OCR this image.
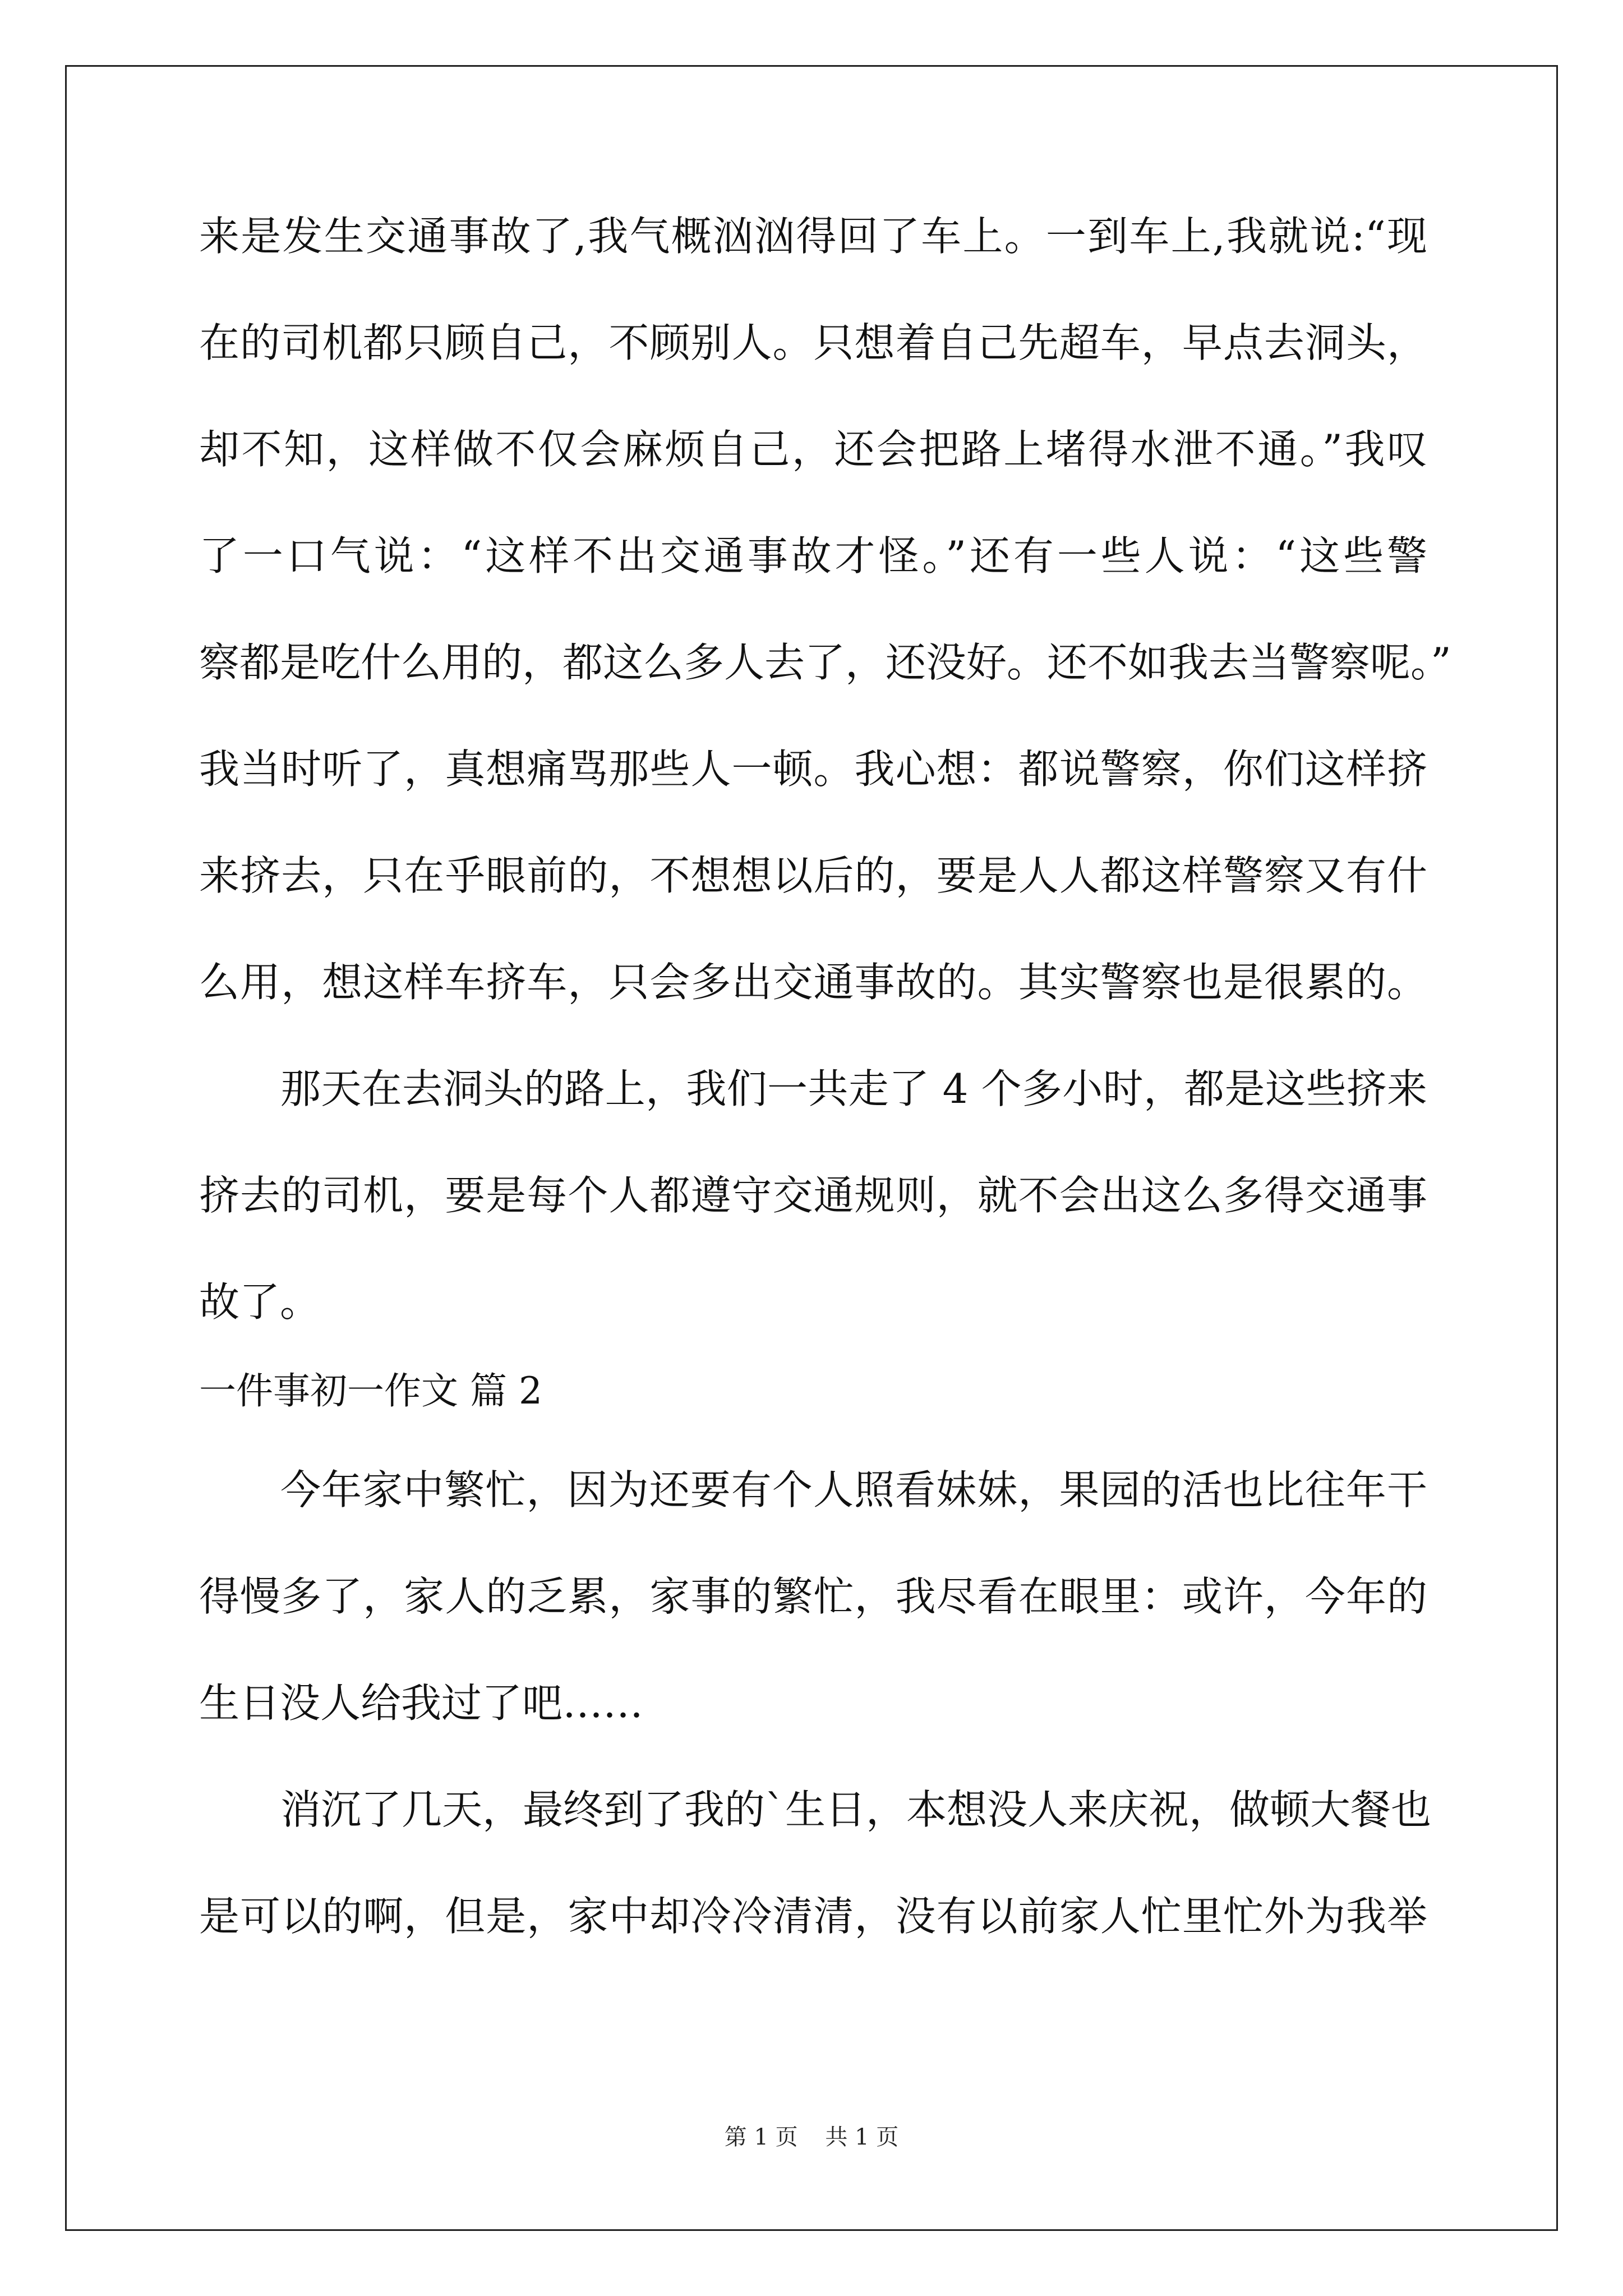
来是发生交通事故了,我气概汹汹得回了车上。一到车上,我就说:“现
在的司机都只顾自己，不顾别人。只想着自己先超车，早点去洞头，
却不知，这样做不仅会麻烦自己，还会把路上堵得水泄不通。”我叹
了一口气说：“这样不出交通事故才怪。”还有一些人说：“这些警
察都是吃什么用的，都这么多人去了，还没好。还不如我去当警察呢。”
我当时听了，真想痛骂那些人一顿。我心想：都说警察，你们这样挤
来挤去，只在乎眼前的，不想想以后的，要是人人都这样警察又有什
么用，想这样车挤车，只会多出交通事故的。其实警察也是很累的。
那天在去洞头的路上，我们一共走了 4 个多小时，都是这些挤来
挤去的司机，要是每个人都遵守交通规则，就不会出这么多得交通事
故了。
一件事初一作文 篇 2
今年家中繁忙，因为还要有个人照看妹妹，果园的活也比往年干
得慢多了，家人的乏累，家事的繁忙，我尽看在眼里：或许，今年的
生日没人给我过了吧……
消沉了几天，最终到了我的`生日，本想没人来庆祝，做顿大餐也
是可以的啊，但是，家中却冷冷清清，没有以前家人忙里忙外为我举
第 1 页 共 1 页
